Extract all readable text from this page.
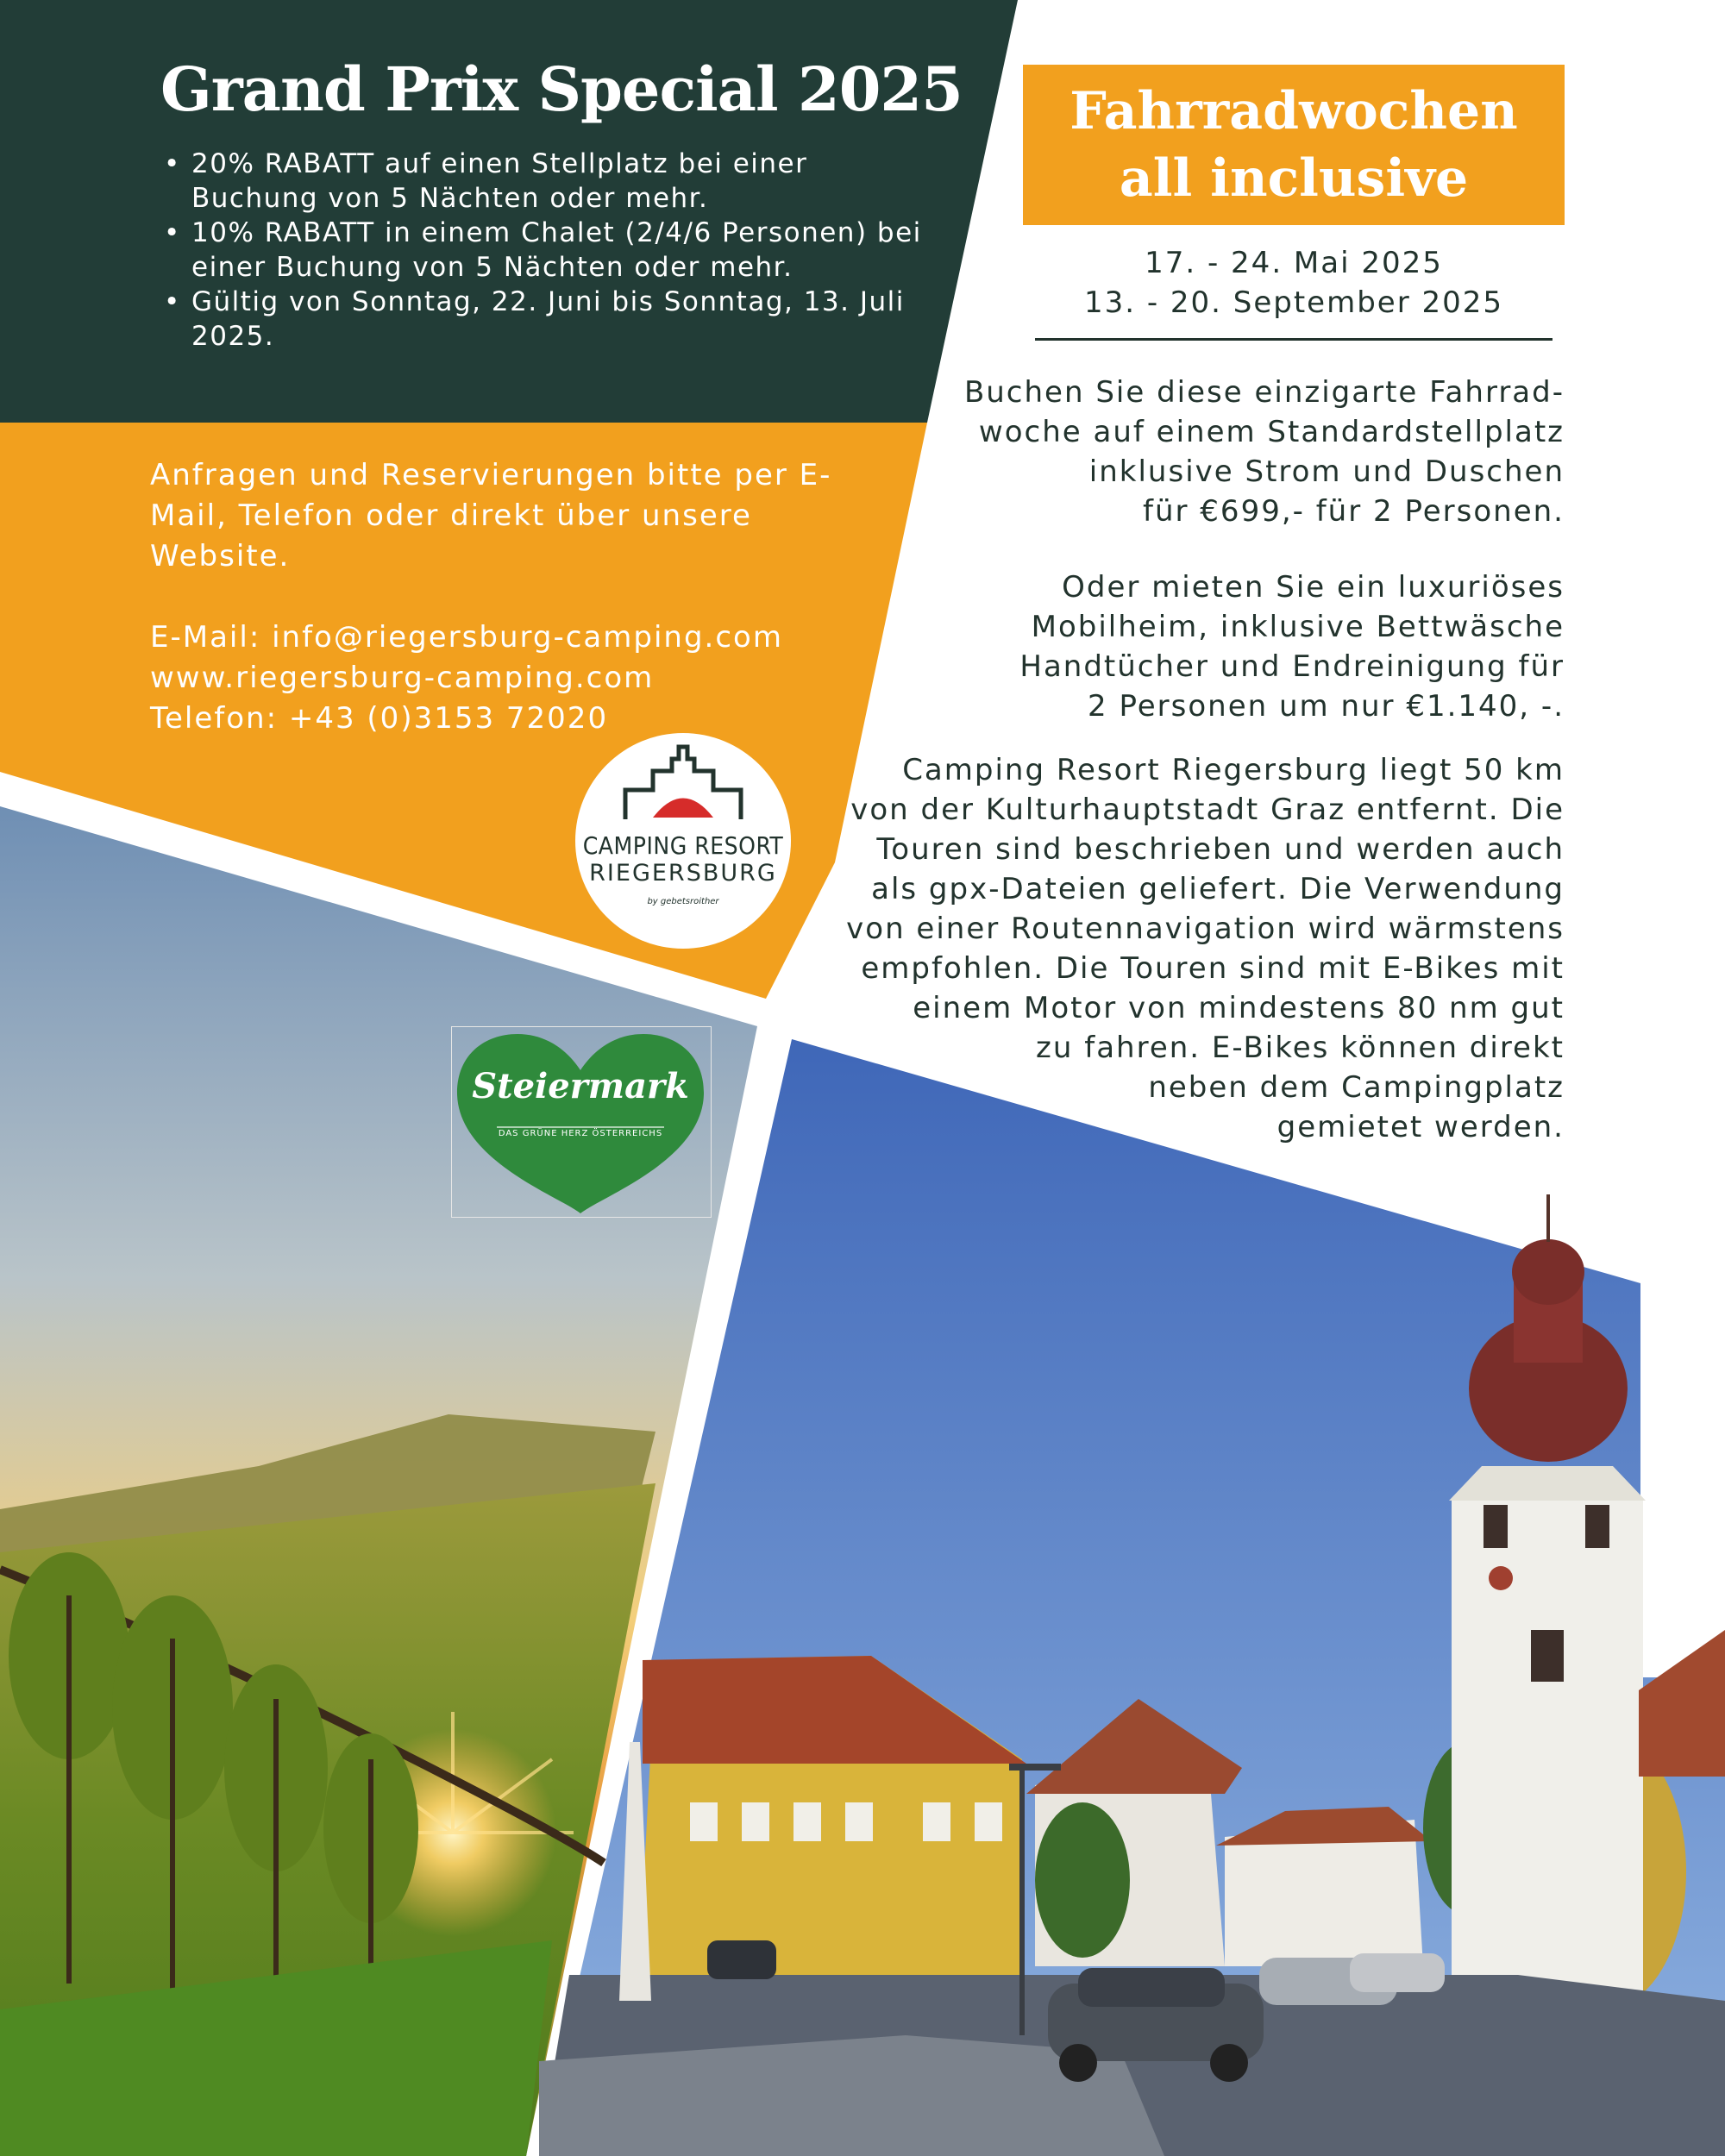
Grand Prix Special 2025
• 20% RABATT auf einen Stellplatz bei einer Buchung von 5 Nächten oder mehr.
• 10% RABATT in einem Chalet (2/4/6 Personen) bei einer Buchung von 5 Nächten oder mehr.
• Gültig von Sonntag, 22. Juni bis Sonntag, 13. Juli 2025.

Anfragen und Reservierungen bitte per E-Mail, Telefon oder direkt über unsere Website.

E-Mail: info@riegersburg-camping.com

www.riegersburg-camping.com

Telefon: +43 (0)3153 72020

Fahrradwochen
all inclusive
17. - 24. Mai 2025
13. - 20. September 2025
Buchen Sie diese einzigarte Fahrrad-
woche auf einem Standardstellplatz
inklusive Strom und Duschen
für €699,- für 2 Personen.
Oder mieten Sie ein luxuriöses
Mobilheim, inklusive Bettwäsche
Handtücher und Endreinigung für
2 Personen um nur €1.140, -.
Camping Resort Riegersburg liegt 50 km
von der Kulturhauptstadt Graz entfernt. Die
Touren sind beschrieben und werden auch
als gpx-Dateien geliefert. Die Verwendung
von einer Routennavigation wird wärmstens
empfohlen. Die Touren sind mit E-Bikes mit
einem Motor von mindestens 80 nm gut
zu fahren. E-Bikes können direkt
neben dem Campingplatz
gemietet werden.
CAMPING RESORT
RIEGERSBURG
by gebetsroither
Steiermark
DAS GRÜNE HERZ ÖSTERREICHS
